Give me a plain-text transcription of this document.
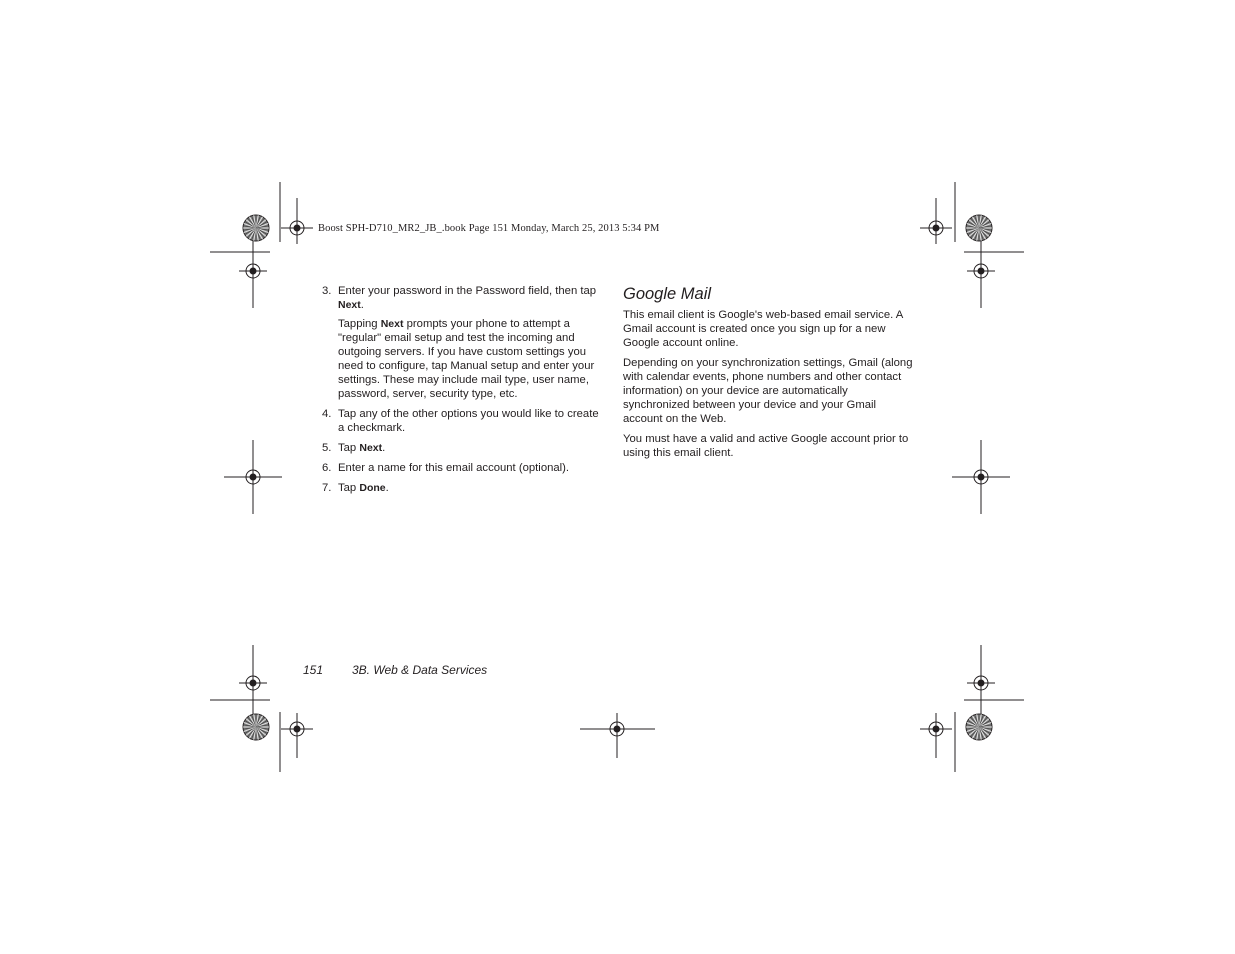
Boost SPH-D710_MR2_JB_.book Page 151 Monday, March 25, 2013 5:34 PM
3. Enter your password in the Password field, then tap Next.

Tapping Next prompts your phone to attempt a "regular" email setup and test the incoming and outgoing servers. If you have custom settings you need to configure, tap Manual setup and enter your settings. These may include mail type, user name, password, server, security type, etc.

4. Tap any of the other options you would like to create a checkmark.

5. Tap Next.

6. Enter a name for this email account (optional).

7. Tap Done.

Google Mail

This email client is Google's web-based email service. A Gmail account is created once you sign up for a new Google account online.

Depending on your synchronization settings, Gmail (along with calendar events, phone numbers and other contact information) on your device are automatically synchronized between your device and your Gmail account on the Web.

You must have a valid and active Google account prior to using this email client.

151 3B. Web & Data Services
